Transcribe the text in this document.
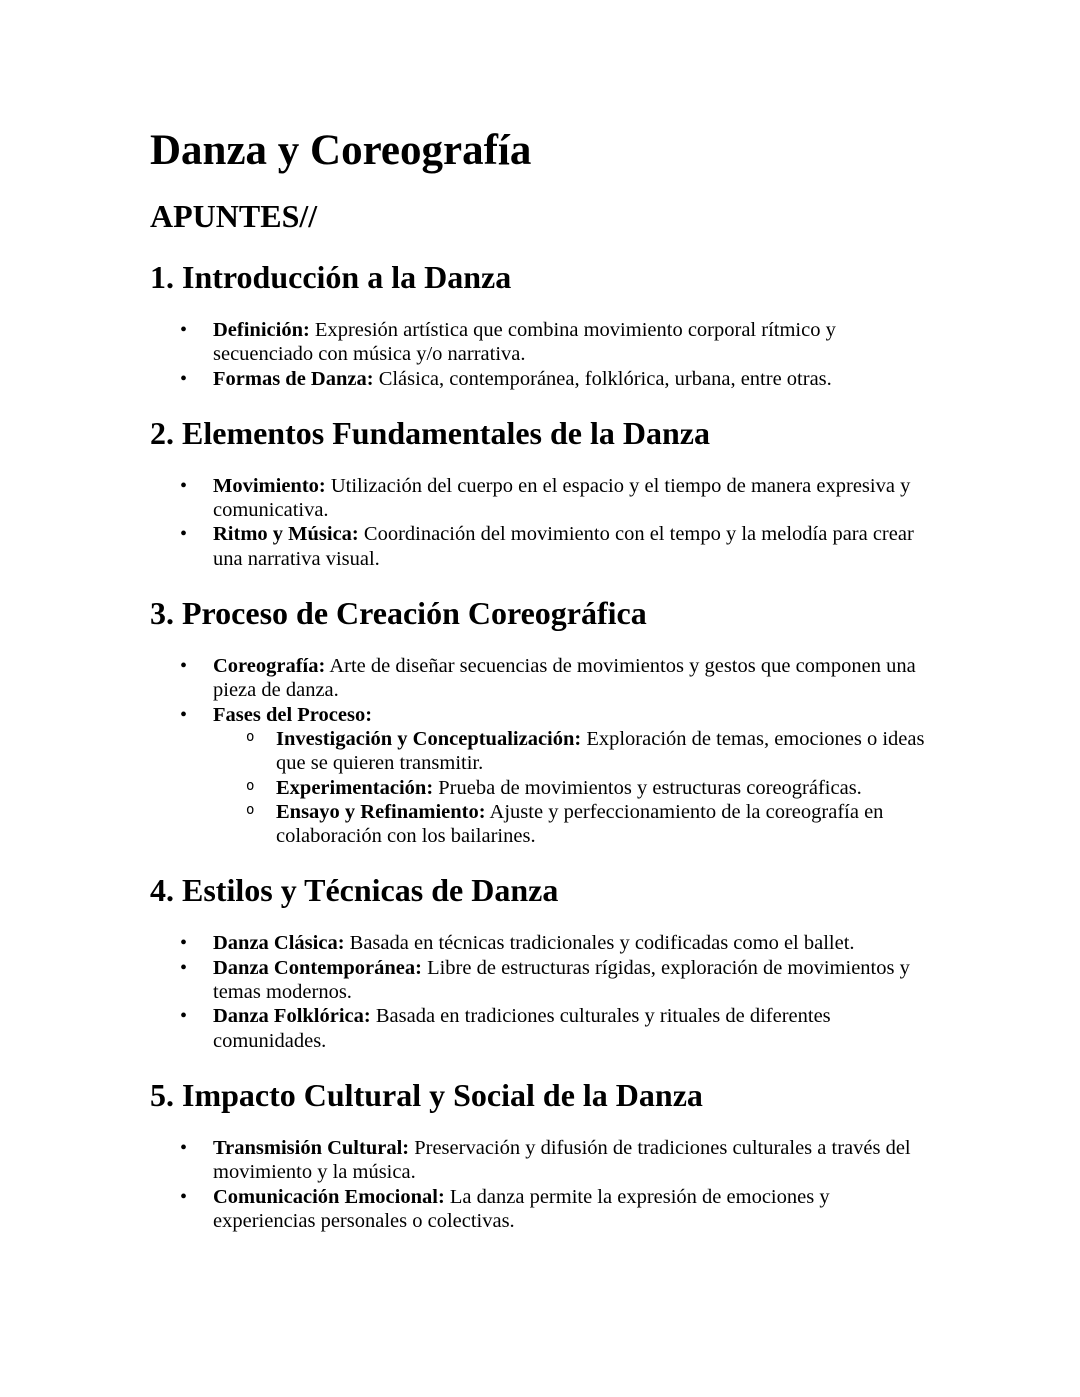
Danza y Coreografía
APUNTES//
1. Introducción a la Danza
• Definición: Expresión artística que combina movimiento corporal rítmico y secuenciado con música y/o narrativa.
• Formas de Danza: Clásica, contemporánea, folklórica, urbana, entre otras.
2. Elementos Fundamentales de la Danza
• Movimiento: Utilización del cuerpo en el espacio y el tiempo de manera expresiva y comunicativa.
• Ritmo y Música: Coordinación del movimiento con el tempo y la melodía para crear una narrativa visual.
3. Proceso de Creación Coreográfica
• Coreografía: Arte de diseñar secuencias de movimientos y gestos que componen una pieza de danza.
• Fases del Proceso:
o Investigación y Conceptualización: Exploración de temas, emociones o ideas que se quieren transmitir.
o Experimentación: Prueba de movimientos y estructuras coreográficas.
o Ensayo y Refinamiento: Ajuste y perfeccionamiento de la coreografía en colaboración con los bailarines.
4. Estilos y Técnicas de Danza
• Danza Clásica: Basada en técnicas tradicionales y codificadas como el ballet.
• Danza Contemporánea: Libre de estructuras rígidas, exploración de movimientos y temas modernos.
• Danza Folklórica: Basada en tradiciones culturales y rituales de diferentes comunidades.
5. Impacto Cultural y Social de la Danza
• Transmisión Cultural: Preservación y difusión de tradiciones culturales a través del movimiento y la música.
• Comunicación Emocional: La danza permite la expresión de emociones y experiencias personales o colectivas.
